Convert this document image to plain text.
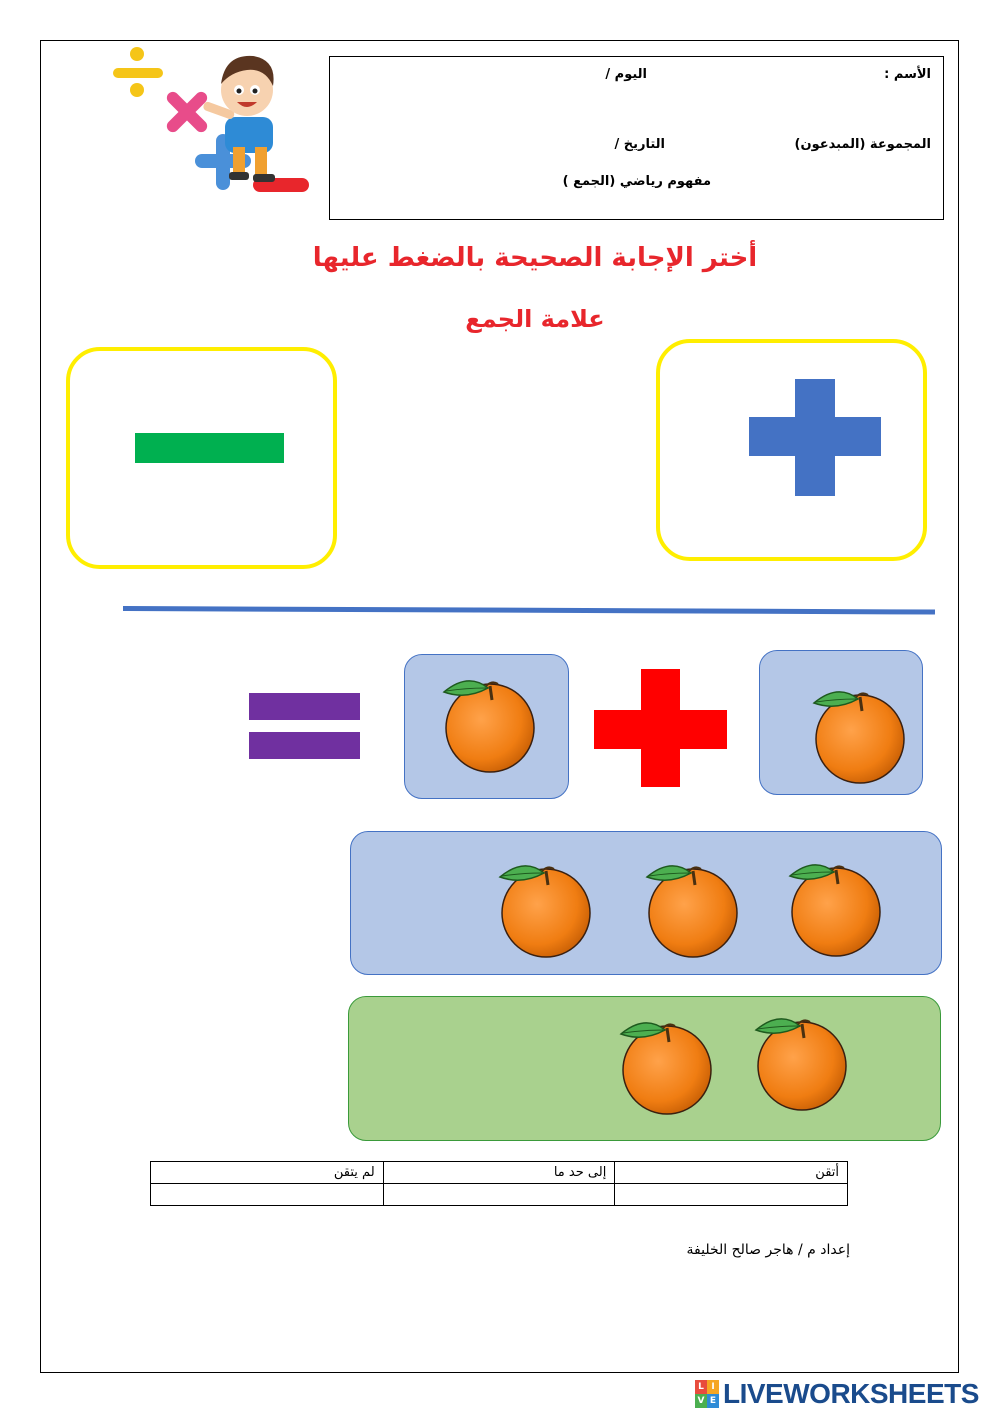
الأسم :
اليوم /
المجموعة (المبدعون)
التاريخ /
مفهوم رياضي (الجمع )
أختر الإجابة الصحيحة بالضغط عليها
علامة الجمع
لم يتقن	إلى حد ما	أتقن

إعداد م / هاجر صالح الخليفة
L I
V E LIVEWORKSHEETS
